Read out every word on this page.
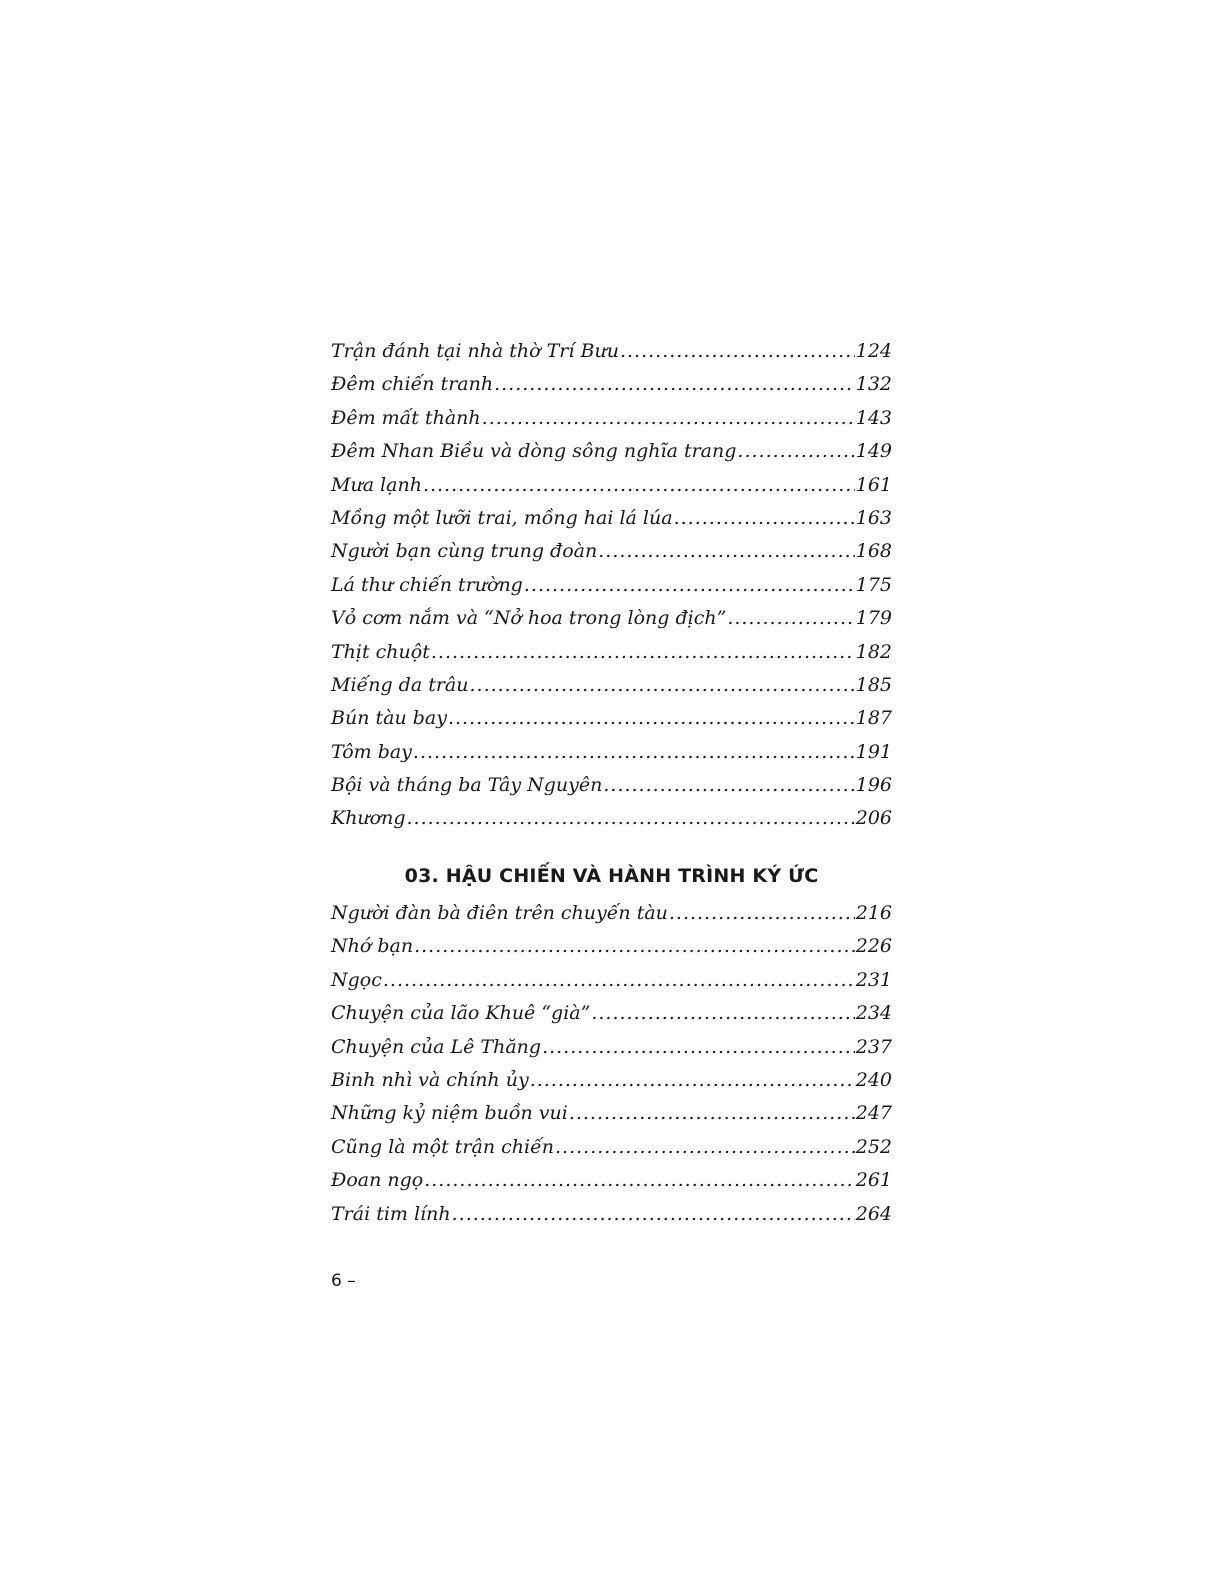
Trận đánh tại nhà thờ Trí Bưu .....	124
Đêm chiến tranh .....	132
Đêm mất thành .....	143
Đêm Nhan Biều và dòng sông nghĩa trang .....	149
Mưa lạnh .....	161
Mồng một lưỡi trai, mồng hai lá lúa .....	163
Người bạn cùng trung đoàn .....	168
Lá thư chiến trường .....	175
Vỏ cơm nắm và “Nở hoa trong lòng địch” .....	179
Thịt chuột .....	182
Miếng da trâu .....	185
Bún tàu bay .....	187
Tôm bay .....	191
Bội và tháng ba Tây Nguyên .....	196
Khương .....	206
03. HẬU CHIẾN VÀ HÀNH TRÌNH KÝ ỨC
Người đàn bà điên trên chuyến tàu .....	216
Nhớ bạn .....	226
Ngọc .....	231
Chuyện của lão Khuê “già” .....	234
Chuyện của Lê Thăng .....	237
Binh nhì và chính ủy .....	240
Những kỷ niệm buồn vui .....	247
Cũng là một trận chiến .....	252
Đoan ngọ .....	261
Trái tim lính .....	264
6 –
